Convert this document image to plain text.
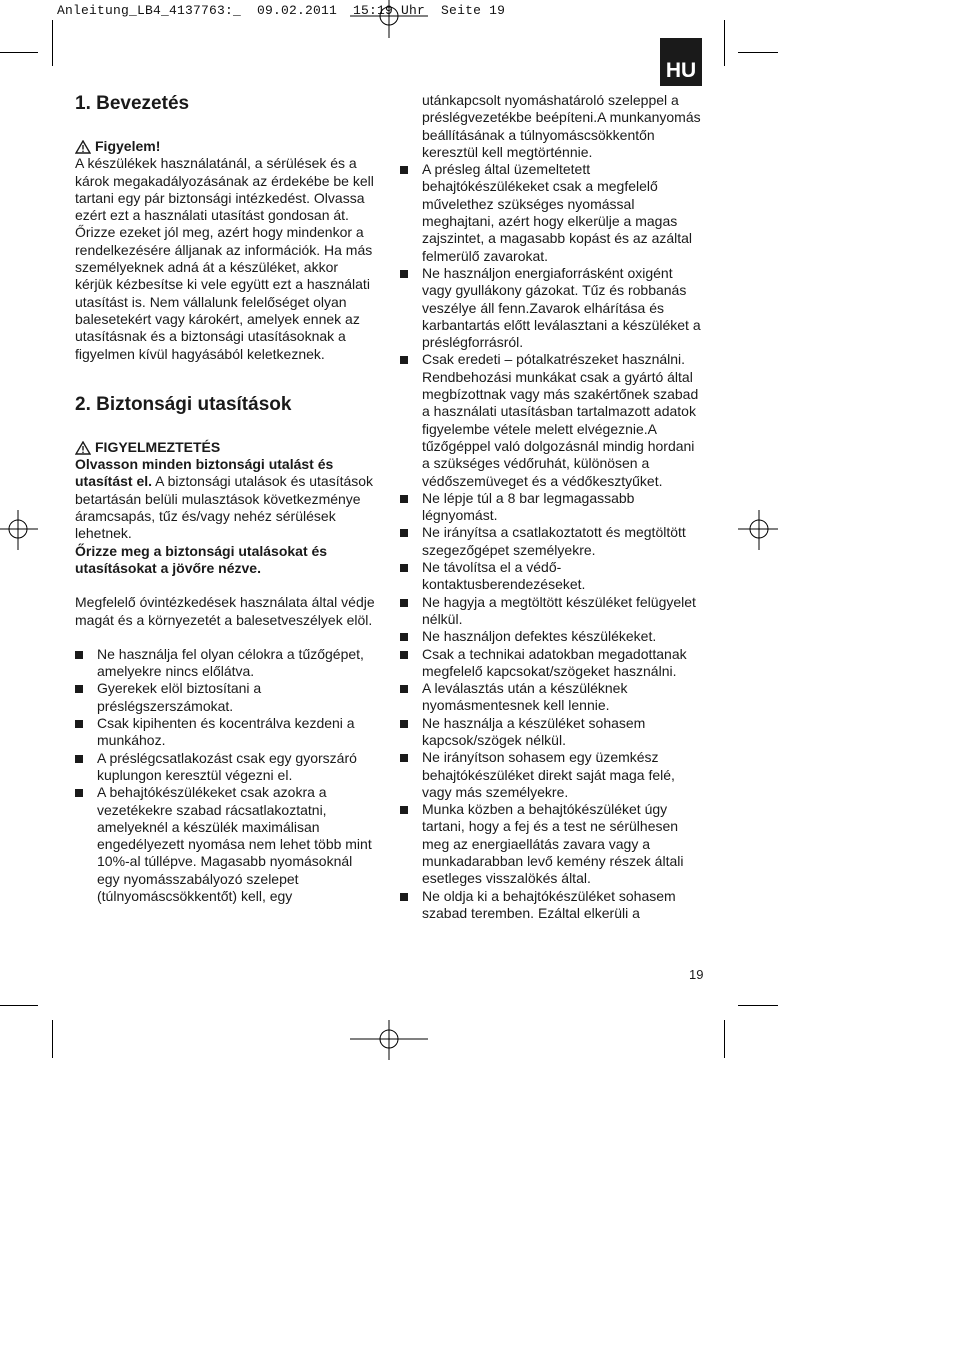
Anleitung_LB4_4137763:_  09.02.2011  15:19 Uhr  Seite 19
HU
1. Bevezetés
Figyelem!

A készülékek használatánál, a sérülések és a károk megakadályozásának az érdekébe be kell tartani egy pár biztonsági intézkedést. Olvassa ezért ezt a használati utasítást gondosan át. Őrizze ezeket jól meg, azért hogy mindenkor a rendelkezésére álljanak az információk. Ha más személyeknek adná át a készüléket, akkor kérjük kézbesítse ki vele együtt ezt a használati utasítást is. Nem vállalunk felelőséget olyan balesetekért vagy károkért, amelyek ennek az utasításnak és a biztonsági utasításoknak a figyelmen kívül hagyásából keletkeznek.

2. Biztonsági utasítások
FIGYELMEZTETÉS

Olvasson minden biztonsági utalást és utasítást el. A biztonsági utalások és utasítások betartásán belüli mulasztások következménye áramcsapás, tűz és/vagy nehéz sérülések lehetnek.

Őrizze meg a biztonsági utalásokat és utasításokat a jövőre nézve.

Megfelelő óvintézkedések használata által védje magát és a környezetét a balesetveszélyek elöl.

Ne használja fel olyan célokra a tűzőgépet, amelyekre nincs előlátva.
Gyerekek elöl biztosítani a préslégszerszámokat.
Csak kipihenten és kocentrálva kezdeni a munkához.
A préslégcsatlakozást csak egy gyorszáró kuplungon keresztül végezni el.
A behajtókészülékeket csak azokra a vezetékekre szabad rácsatlakoztatni, amelyeknél a készülék maximálisan engedélyezett nyomása nem lehet több mint 10%-al túllépve. Magasabb nyomásoknál egy nyomásszabályozó szelepet (túlnyomáscsökkentőt) kell, egy

utánkapcsolt nyomáshatároló szeleppel a préslégvezetékbe beépíteni.A munkanyomás beállításának a túlnyomáscsökkentőn keresztül kell megtörténnie.

A présleg által üzemeltetett behajtókészülékeket csak a megfelelő művelethez szükséges nyomással meghajtani, azért hogy elkerülje a magas zajszintet, a magasabb kopást és az azáltal felmerülő zavarokat.
Ne használjon energiaforrásként oxigént vagy gyullákony gázokat. Tűz és robbanás veszélye áll fenn.Zavarok elhárítása és karbantartás előtt leválasztani a készüléket a préslégforrásról.
Csak eredeti – pótalkatrészeket használni. Rendbehozási munkákat csak a gyártó által megbízottnak vagy más szakértőnek szabad a használati utasításban tartalmazott adatok figyelembe vétele melett elvégeznie.A tűzőgéppel való dolgozásnál mindig hordani a szükséges védőruhát, különösen a védőszemüveget és a védőkesztyűket.
Ne lépje túl a 8 bar legmagassabb légnyomást.
Ne irányítsa a csatlakoztatott és megtöltött szegezőgépet személyekre.
Ne távolítsa el a védő-kontaktusberendezéseket.
Ne hagyja a megtöltött készüléket felügyelet nélkül.
Ne használjon defektes készülékeket.
Csak a technikai adatokban megadottanak megfelelő kapcsokat/szögeket használni.
A leválasztás után a készüléknek nyomásmentesnek kell lennie.
Ne használja a készüléket sohasem kapcsok/szögek nélkül.
Ne irányítson sohasem egy üzemkész behajtókészüléket direkt saját maga felé, vagy más személyekre.
Munka közben a behajtókészüléket úgy tartani, hogy a fej és a test ne sérülhesen meg az energiaellátás zavara vagy a munkadarabban levő kemény részek általi esetleges visszalökés által.
Ne oldja ki a behajtókészüléket sohasem szabad teremben. Ezáltal elkerüli a
19
